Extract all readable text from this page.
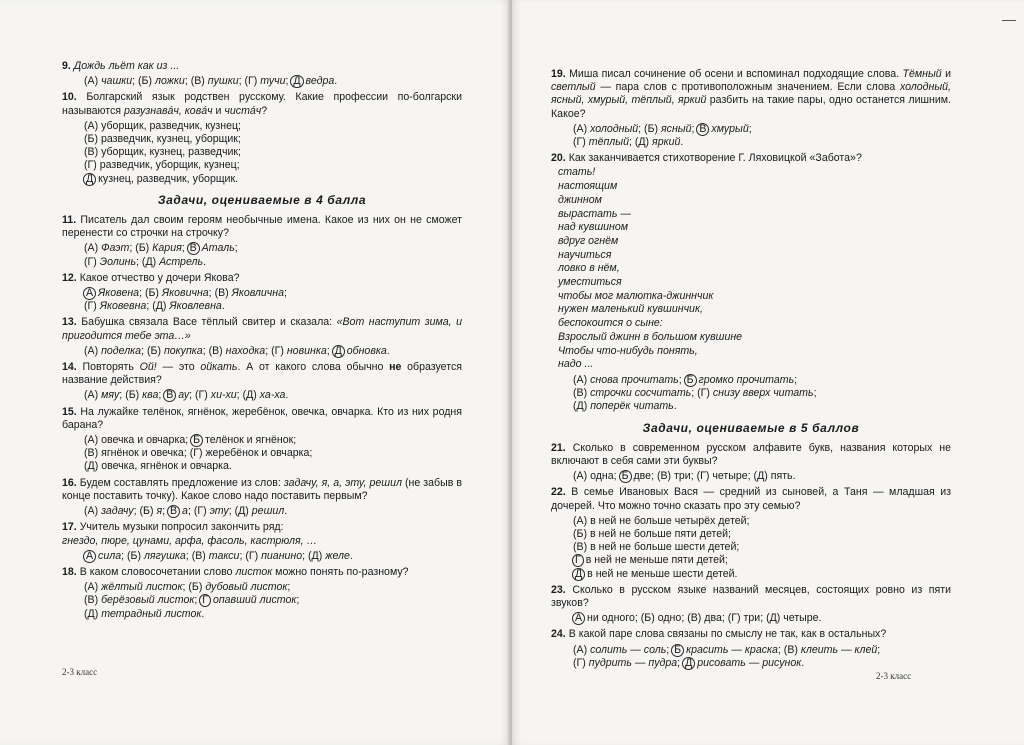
9. Дождь льёт как из ...

(А) чашки; (Б) ложки; (В) пушки; (Г) тучи; Д ведра.

10. Болгарский язык родствен русскому. Какие профессии по-болгарски называются разузнавáч, ковáч и чистáч?

(А) уборщик, разведчик, кузнец;

(Б) разведчик, кузнец, уборщик;

(В) уборщик, кузнец, разведчик;

(Г) разведчик, уборщик, кузнец;

Д кузнец, разведчик, уборщик.

Задачи, оцениваемые в 4 балла

11. Писатель дал своим героям необычные имена. Какое из них он не сможет перенести со строчки на строчку?

(А) Фаэт; (Б) Кария; В Аталь;

(Г) Эолинь; (Д) Астрель.

12. Какое отчество у дочери Якова?

А Яковена; (Б) Яковична; (В) Яковлична;

(Г) Яковевна; (Д) Яковлевна.

13. Бабушка связала Васе тёплый свитер и сказала: «Вот наступит зима, и пригодится тебе эта…»

(А) поделка; (Б) покупка; (В) находка; (Г) новинка; Д обновка.

14. Повторять Ой! — это ойкать. А от какого слова обычно не образуется название действия?

(А) мяу; (Б) ква; В ау; (Г) хи-хи; (Д) ха-ха.

15. На лужайке телёнок, ягнёнок, жеребёнок, овечка, овчарка. Кто из них родня барана?

(А) овечка и овчарка; Б телёнок и ягнёнок;

(В) ягнёнок и овечка; (Г) жеребёнок и овчарка;

(Д) овечка, ягнёнок и овчарка.

16. Будем составлять предложение из слов: задачу, я, а, эту, решил (не забыв в конце поставить точку). Какое слово надо поставить первым?

(А) задачу; (Б) я; В а; (Г) эту; (Д) решил.

17. Учитель музыки попросил закончить ряд:

гнездо, пюре, цунами, арфа, фасоль, кастрюля, …

А сила; (Б) лягушка; (В) такси; (Г) пианино; (Д) желе.

18. В каком словосочетании слово листок можно понять по-разному?

(А) жёлтый листок; (Б) дубовый листок;

(В) берёзовый листок; Г опавший листок;

(Д) тетрадный листок.

2-3 класс

19. Миша писал сочинение об осени и вспоминал подходящие слова. Тёмный и светлый — пара слов с противоположным значением. Если слова холодный, ясный, хмурый, тёплый, яркий разбить на такие пары, одно останется лишним. Какое?

(А) холодный; (Б) ясный; В хмурый;

(Г) тёплый; (Д) яркий.

20. Как заканчивается стихотворение Г. Ляховицкой «Забота»?

стать!
настоящим
джинном
вырастать —
над кувшином
вдруг огнём
научиться
ловко в нём,
уместиться
чтобы мог малютка-джиннчик
нужен маленький кувшинчик,
беспокоится о сыне:
Взрослый джинн в большом кувшине
Чтобы что-нибудь понять,
надо ...

(А) снова прочитать; Б громко прочитать;

(В) строчки сосчитать; (Г) снизу вверх читать;

(Д) поперёк читать.

Задачи, оцениваемые в 5 баллов

21. Сколько в современном русском алфавите букв, названия которых не включают в себя сами эти буквы?

(А) одна; Б две; (В) три; (Г) четыре; (Д) пять.

22. В семье Ивановых Вася — средний из сыновей, а Таня — младшая из дочерей. Что можно точно сказать про эту семью?

(А) в ней не больше четырёх детей;

(Б) в ней не больше пяти детей;

(В) в ней не больше шести детей;

Г в ней не меньше пяти детей;

Д в ней не меньше шести детей.

23. Сколько в русском языке названий месяцев, состоящих ровно из пяти звуков?

А ни одного; (Б) одно; (В) два; (Г) три; (Д) четыре.

24. В какой паре слова связаны по смыслу не так, как в остальных?

(А) солить — соль; Б красить — краска; (В) клеить — клей;

(Г) пудрить — пудра; Д рисовать — рисунок.

2-3 класс
